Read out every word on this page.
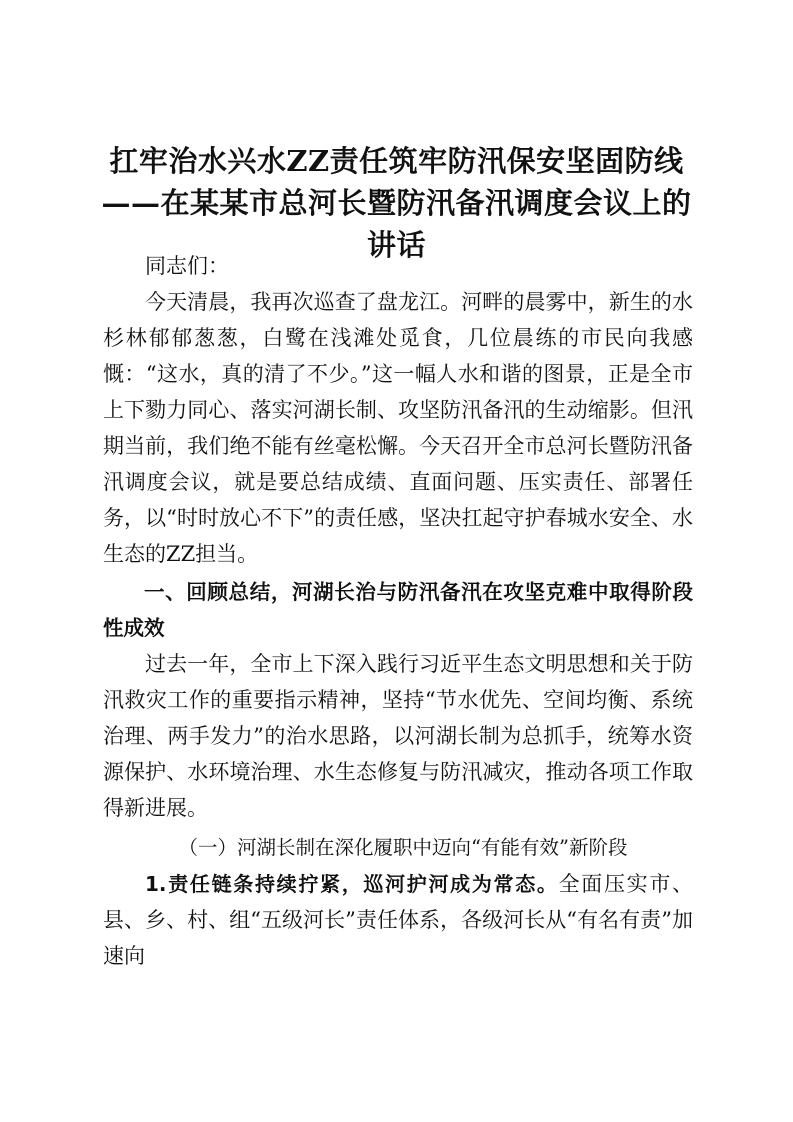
扛牢治水兴水ZZ责任筑牢防汛保安坚固防线
——在某某市总河长暨防汛备汛调度会议上的
讲话

同志们：

今天清晨，我再次巡查了盘龙江。河畔的晨雾中，新生的水杉林郁郁葱葱，白鹭在浅滩处觅食，几位晨练的市民向我感慨：“这水，真的清了不少。”这一幅人水和谐的图景，正是全市上下勠力同心、落实河湖长制、攻坚防汛备汛的生动缩影。但汛期当前，我们绝不能有丝毫松懈。今天召开全市总河长暨防汛备汛调度会议，就是要总结成绩、直面问题、压实责任、部署任务，以“时时放心不下”的责任感，坚决扛起守护春城水安全、水生态的ZZ担当。

一、回顾总结，河湖长治与防汛备汛在攻坚克难中取得阶段性成效

过去一年，全市上下深入践行习近平生态文明思想和关于防汛救灾工作的重要指示精神，坚持“节水优先、空间均衡、系统治理、两手发力”的治水思路，以河湖长制为总抓手，统筹水资源保护、水环境治理、水生态修复与防汛减灾，推动各项工作取得新进展。

（一）河湖长制在深化履职中迈向“有能有效”新阶段

1.责任链条持续拧紧，巡河护河成为常态。全面压实市、县、乡、村、组“五级河长”责任体系，各级河长从“有名有责”加速向
